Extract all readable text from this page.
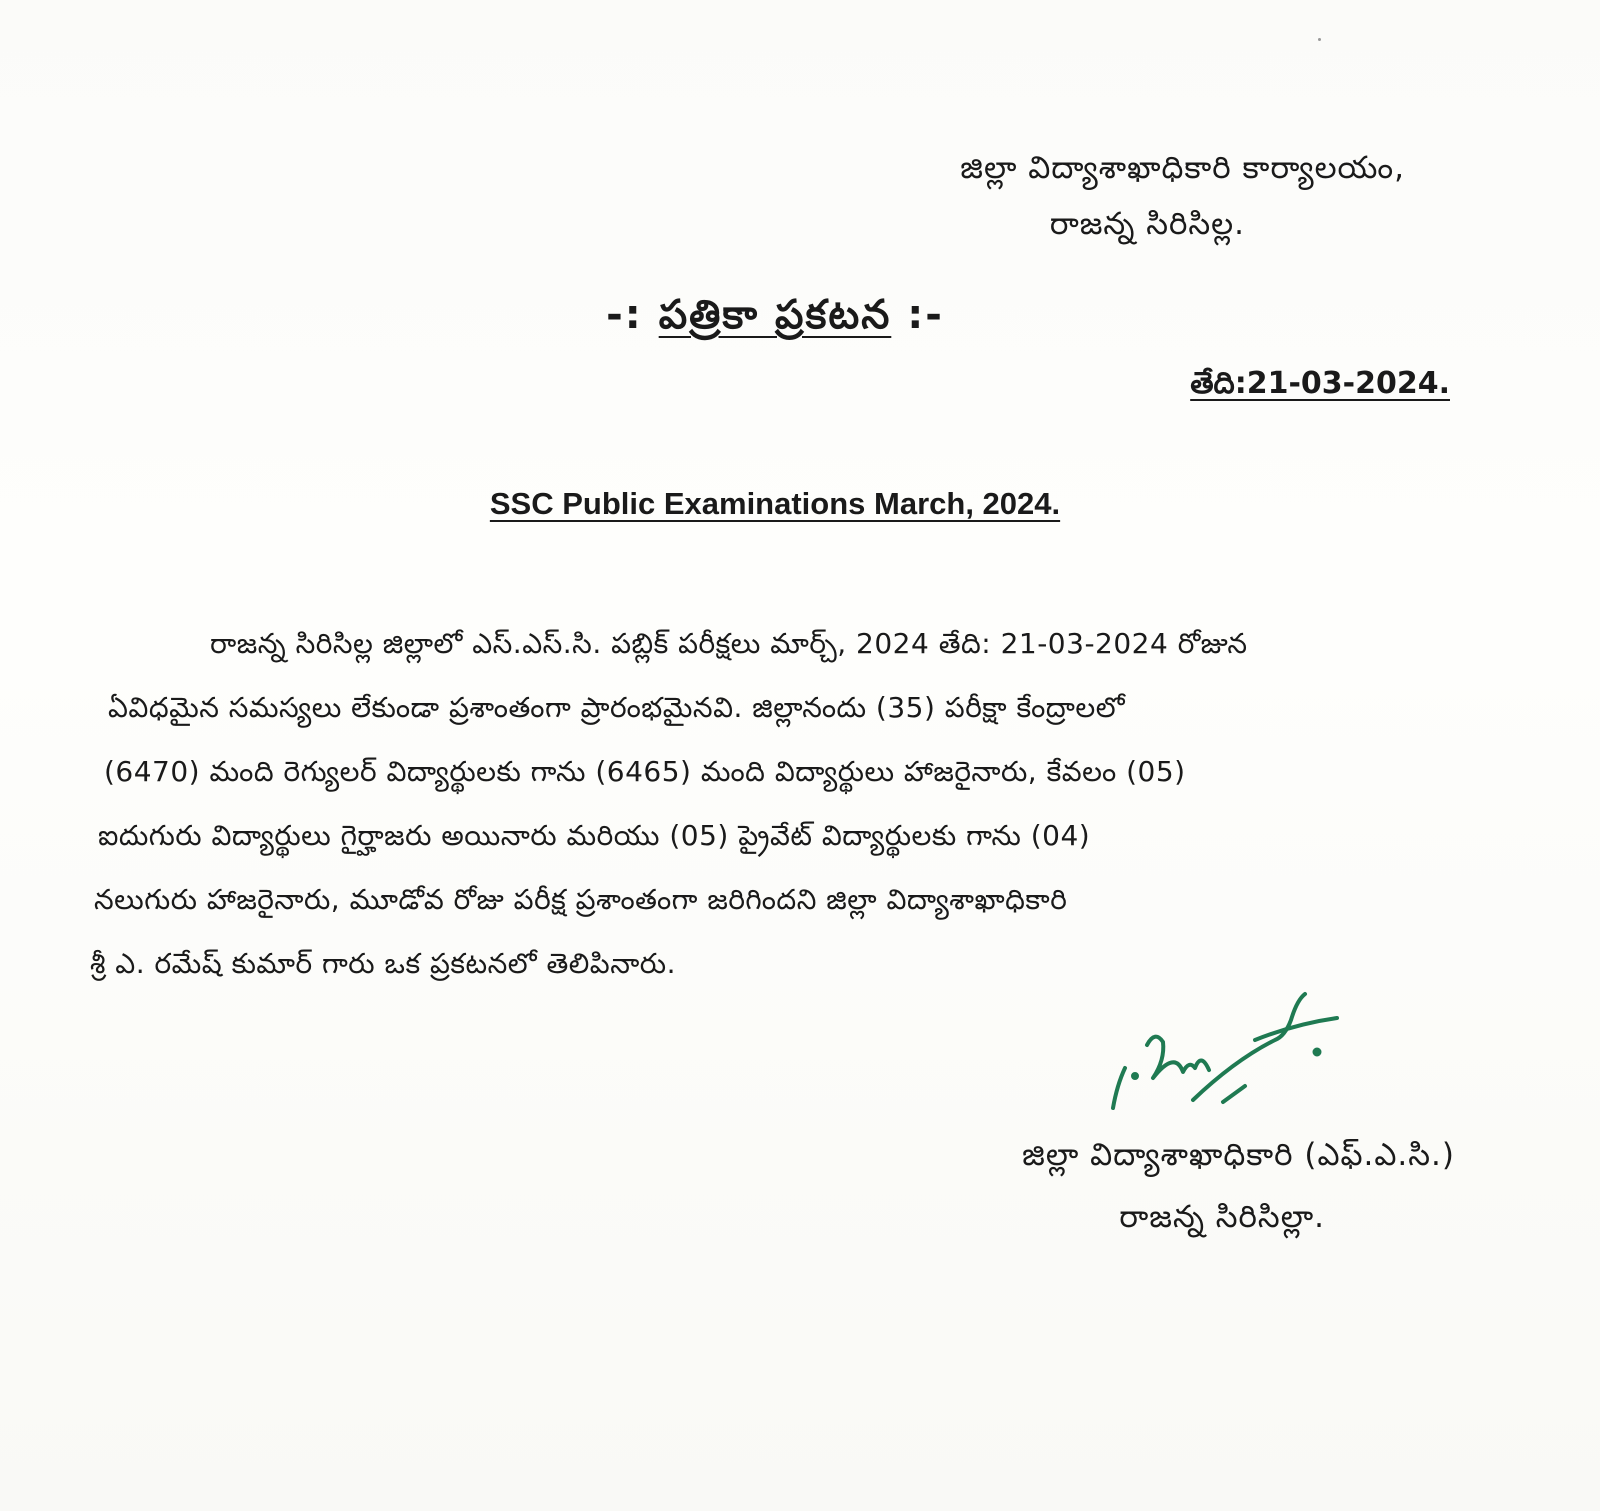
జిల్లా విద్యాశాఖాధికారి కార్యాలయం,
రాజన్న సిరిసిల్ల.
-: పత్రికా ప్రకటన :-
తేది:21-03-2024.
SSC Public Examinations March, 2024.
రాజన్న సిరిసిల్ల జిల్లాలో ఎస్.ఎస్.సి. పబ్లిక్ పరీక్షలు మార్చ్, 2024 తేది: 21-03-2024 రోజున
ఏవిధమైన సమస్యలు లేకుండా ప్రశాంతంగా ప్రారంభమైనవి. జిల్లానందు (35) పరీక్షా కేంద్రాలలో
(6470) మంది రెగ్యులర్ విద్యార్థులకు గాను (6465) మంది విద్యార్థులు హాజరైనారు, కేవలం (05)
ఐదుగురు విద్యార్థులు గైర్హాజరు అయినారు మరియు (05) ప్రైవేట్ విద్యార్థులకు గాను (04)
నలుగురు హాజరైనారు, మూడోవ రోజు పరీక్ష ప్రశాంతంగా జరిగిందని జిల్లా విద్యాశాఖాధికారి
శ్రీ ఎ. రమేష్ కుమార్ గారు ఒక ప్రకటనలో తెలిపినారు.
జిల్లా విద్యాశాఖాధికారి (ఎఫ్.ఎ.సి.)
రాజన్న సిరిసిల్లా.
